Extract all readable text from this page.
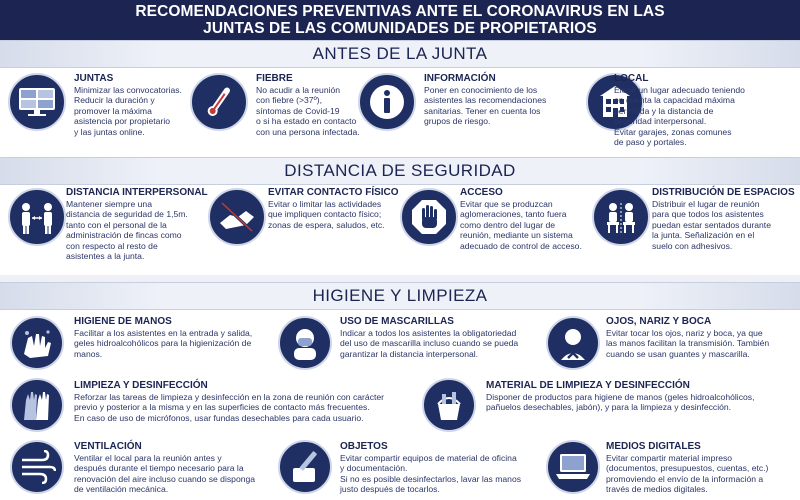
RECOMENDACIONES PREVENTIVAS ANTE EL CORONAVIRUS EN LAS
JUNTAS DE LAS COMUNIDADES DE PROPIETARIOS
ANTES DE LA JUNTA
JUNTAS
Minimizar las convocatorias.
Reducir la duración y
promover la máxima
asistencia por propietario
y las juntas online.
FIEBRE
No acudir a la reunión
con fiebre (>37º),
síntomas de Covid-19
o si ha estado en contacto
con una persona infectada.
INFORMACIÓN
Poner en conocimiento de los
asistentes las recomendaciones
sanitarias. Tener en cuenta los
grupos de riesgo.
LOCAL
Elegir un lugar adecuado teniendo
en cuenta la capacidad máxima
permitida y la distancia de
seguridad interpersonal.
Evitar garajes, zonas comunes
de paso y portales.
DISTANCIA DE SEGURIDAD
DISTANCIA INTERPERSONAL
Mantener siempre una
distancia de seguridad de 1,5m.
tanto con el personal de la
administración de fincas como
con respecto al resto de
asistentes a la junta.
EVITAR CONTACTO FÍSICO
Evitar o limitar las actividades
que impliquen contacto físico;
zonas de espera, saludos, etc.
ACCESO
Evitar que se produzcan
aglomeraciones, tanto fuera
como dentro del lugar de
reunión, mediante un sistema
adecuado de control de acceso.
DISTRIBUCIÓN DE ESPACIOS
Distribuir el lugar de reunión
para que todos los asistentes
puedan estar sentados durante
la junta. Señalización en el
suelo con adhesivos.
HIGIENE Y LIMPIEZA
HIGIENE DE MANOS
Facilitar a los asistentes en la entrada y salida,
geles hidroalcohólicos para la higienización de
manos.
USO DE MASCARILLAS
Indicar a todos los asistentes la obligatoriedad
del uso de mascarilla incluso cuando se pueda
garantizar la distancia interpersonal.
OJOS, NARIZ Y BOCA
Evitar tocar los ojos, nariz y boca, ya que
las manos facilitan la transmisión. También
cuando se usan guantes y mascarilla.
LIMPIEZA Y DESINFECCIÓN
Reforzar las tareas de limpieza y desinfección en la zona de reunión con carácter
previo y posterior a la misma y en las superficies de contacto más frecuentes.
En caso de uso de micrófonos, usar fundas desechables para cada usuario.
MATERIAL DE LIMPIEZA Y DESINFECCIÓN
Disponer de productos para higiene de manos (geles hidroalcohólicos,
pañuelos desechables, jabón), y para la limpieza y desinfección.
VENTILACIÓN
Ventilar el local para la reunión antes y
después durante el tiempo necesario para la
renovación del aire incluso cuando se disponga
de ventilación mecánica.
OBJETOS
Evitar compartir equipos de material de oficina
y documentación.
Si no es posible desinfectarlos, lavar las manos
justo después de tocarlos.
MEDIOS DIGITALES
Evitar compartir material impreso
(documentos, presupuestos, cuentas, etc.)
promoviendo el envío de la información a
través de medios digitales.
